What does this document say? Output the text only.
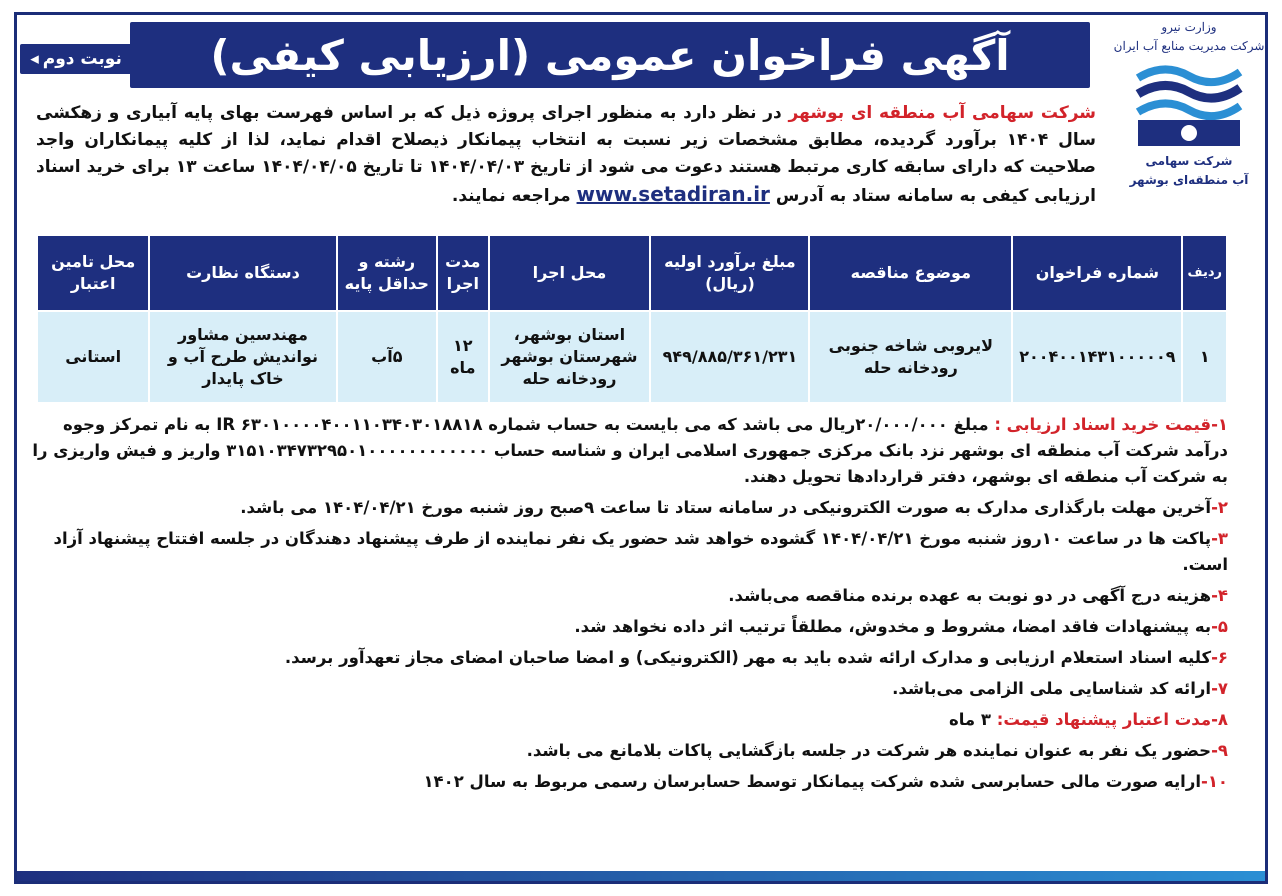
نوبت دوم
◂	آگهی فراخوان عمومی (ارزیابی کیفی)
وزارت نیرو
شرکت مدیریت منابع آب ایران
شرکت سهامی
آب منطقه‌ای بوشهر
شرکت سهامی آب منطقه ای بوشهر در نظر دارد به منظور اجرای پروژه ذیل که بر اساس فهرست بهای پایه آبیاری و زهکشی سال ۱۴۰۴ برآورد گردیده، مطابق مشخصات زیر نسبت به انتخاب پیمانکار ذیصلاح اقدام نماید، لذا از کلیه پیمانکاران واجد صلاحیت که دارای سابقه کاری مرتبط هستند دعوت می شود از تاریخ ۱۴۰۴/۰۴/۰۳ تا تاریخ ۱۴۰۴/۰۴/۰۵ ساعت ۱۳ برای خرید اسناد ارزیابی کیفی به سامانه ستاد به آدرس www.setadiran.ir مراجعه نمایند.
ردیف	شماره فراخوان	موضوع مناقصه	مبلغ برآورد اولیه (ریال)	محل اجرا	مدت اجرا	رشته و حداقل پایه	دستگاه نظارت	محل تامین اعتبار
۱	۲۰۰۴۰۰۱۴۳۱۰۰۰۰۰۹	لایروبی شاخه جنوبی رودخانه حله	۹۴۹/۸۸۵/۳۶۱/۲۳۱	استان بوشهر، شهرستان بوشهر رودخانه حله	۱۲ ماه	۵آب	مهندسین مشاور نواندیش طرح آب و خاک پایدار	استانی
۱-قیمت خرید اسناد ارزیابی : مبلغ ۲۰/۰۰۰/۰۰۰ریال می باشد که می بایست به حساب شماره IR ۶۳۰۱۰۰۰۰۴۰۰۱۱۰۳۴۰۳۰۱۸۸۱۸ به نام تمرکز وجوه درآمد شرکت آب منطقه ای بوشهر نزد بانک مرکزی جمهوری اسلامی ایران و شناسه حساب ۳۱۵۱۰۳۴۷۳۲۹۵۰۱۰۰۰۰۰۰۰۰۰۰۰۰ واریز و فیش واریزی را به شرکت آب منطقه ای بوشهر، دفتر قراردادها تحویل دهند.
۲-آخرین مهلت بارگذاری مدارک به صورت الکترونیکی در سامانه ستاد تا ساعت ۹صبح روز شنبه مورخ ۱۴۰۴/۰۴/۲۱ می باشد.
۳-پاکت ها در ساعت ۱۰روز شنبه مورخ ۱۴۰۴/۰۴/۲۱ گشوده خواهد شد حضور یک نفر نماینده از طرف پیشنهاد دهندگان در جلسه افتتاح پیشنهاد آزاد است.
۴-هزینه درج آگهی در دو نوبت به عهده برنده مناقصه می‌باشد.
۵-به پیشنهادات فاقد امضا، مشروط و مخدوش، مطلقاً ترتیب اثر داده نخواهد شد.
۶-کلیه اسناد استعلام ارزیابی و مدارک ارائه شده باید به مهر (الکترونیکی) و امضا صاحبان امضای مجاز تعهدآور برسد.
۷-ارائه کد شناسایی ملی الزامی می‌باشد.
۸-مدت اعتبار پیشنهاد قیمت: ۳ ماه
۹-حضور یک نفر به عنوان نماینده هر شرکت در جلسه بازگشایی پاکات بلامانع می باشد.
۱۰-ارایه صورت مالی حسابرسی شده شرکت پیمانکار توسط حسابرسان رسمی مربوط به سال ۱۴۰۲
